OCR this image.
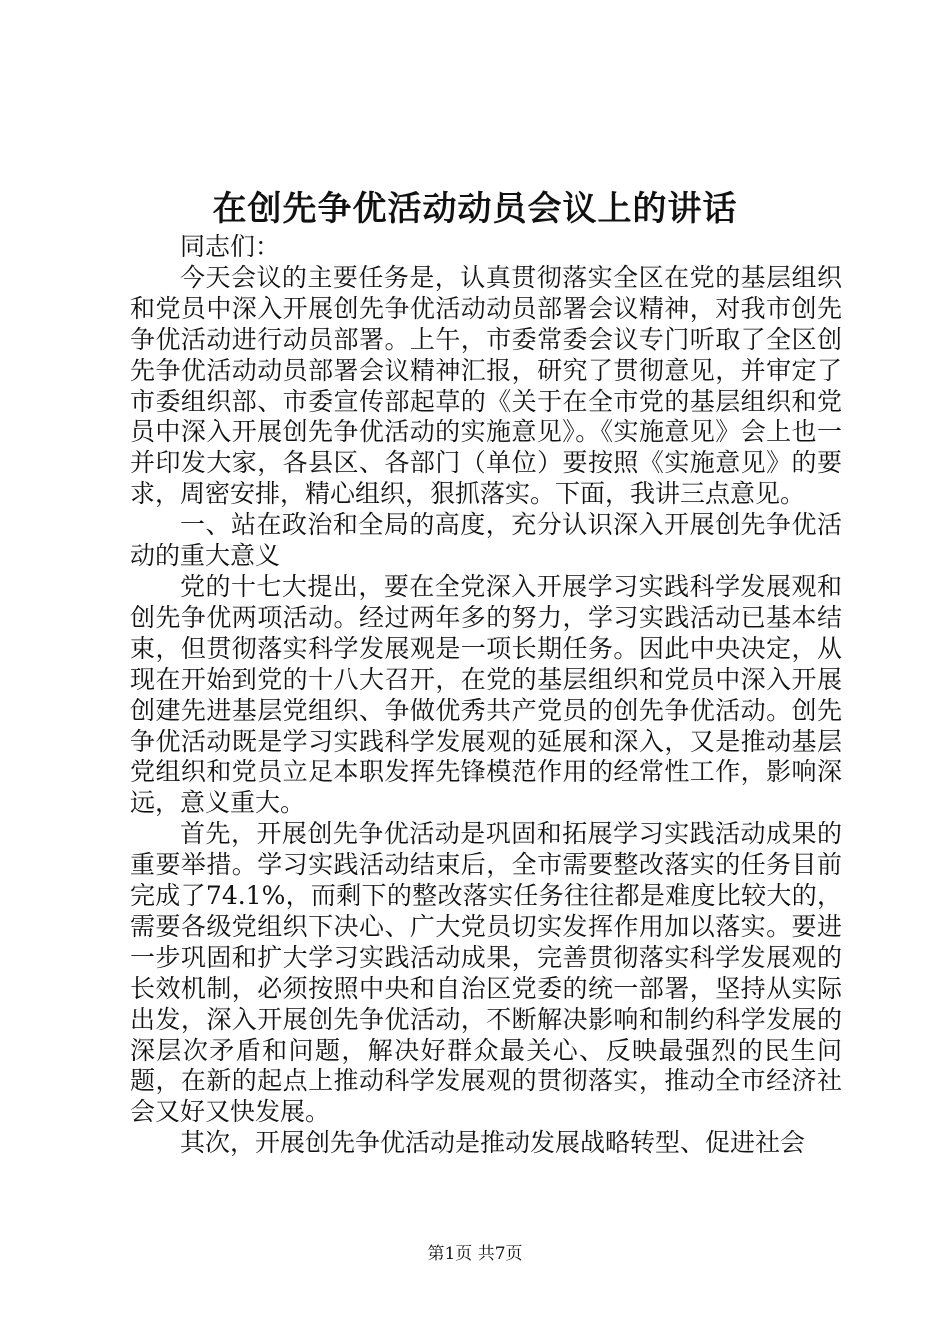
在创先争优活动动员会议上的讲话

同志们：

今天会议的主要任务是，认真贯彻落实全区在党的基层组织和党员中深入开展创先争优活动动员部署会议精神，对我市创先争优活动进行动员部署。上午，市委常委会议专门听取了全区创先争优活动动员部署会议精神汇报，研究了贯彻意见，并审定了市委组织部、市委宣传部起草的《关于在全市党的基层组织和党员中深入开展创先争优活动的实施意见》。《实施意见》会上也一并印发大家，各县区、各部门（单位）要按照《实施意见》的要求，周密安排，精心组织，狠抓落实。下面，我讲三点意见。

一、站在政治和全局的高度，充分认识深入开展创先争优活动的重大意义

党的十七大提出，要在全党深入开展学习实践科学发展观和创先争优两项活动。经过两年多的努力，学习实践活动已基本结束，但贯彻落实科学发展观是一项长期任务。因此中央决定，从现在开始到党的十八大召开，在党的基层组织和党员中深入开展创建先进基层党组织、争做优秀共产党员的创先争优活动。创先争优活动既是学习实践科学发展观的延展和深入，又是推动基层党组织和党员立足本职发挥先锋模范作用的经常性工作，影响深远，意义重大。

首先，开展创先争优活动是巩固和拓展学习实践活动成果的重要举措。学习实践活动结束后，全市需要整改落实的任务目前完成了74.1%，而剩下的整改落实任务往往都是难度比较大的，需要各级党组织下决心、广大党员切实发挥作用加以落实。要进一步巩固和扩大学习实践活动成果，完善贯彻落实科学发展观的长效机制，必须按照中央和自治区党委的统一部署，坚持从实际出发，深入开展创先争优活动，不断解决影响和制约科学发展的深层次矛盾和问题，解决好群众最关心、反映最强烈的民生问题，在新的起点上推动科学发展观的贯彻落实，推动全市经济社会又好又快发展。

其次，开展创先争优活动是推动发展战略转型、促进社会

第1页 共7页
